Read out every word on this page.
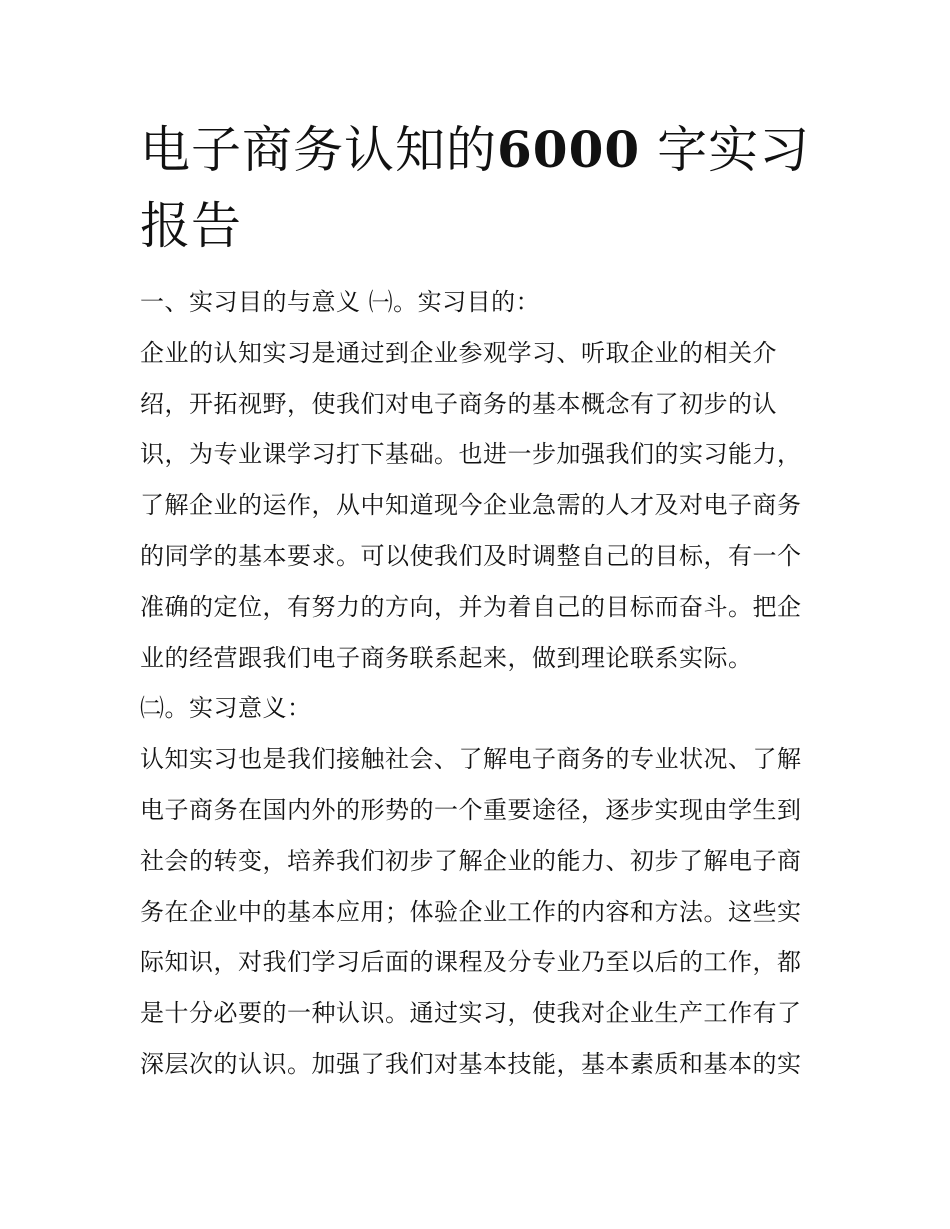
电子商务认知的6000 字实习
报告
一、实习目的与意义 ㈠。实习目的：
企业的认知实习是通过到企业参观学习、听取企业的相关介
绍，开拓视野，使我们对电子商务的基本概念有了初步的认
识，为专业课学习打下基础。也进一步加强我们的实习能力，
了解企业的运作，从中知道现今企业急需的人才及对电子商务
的同学的基本要求。可以使我们及时调整自己的目标，有一个
准确的定位，有努力的方向，并为着自己的目标而奋斗。把企
业的经营跟我们电子商务联系起来，做到理论联系实际。
㈡。实习意义：
认知实习也是我们接触社会、了解电子商务的专业状况、了解
电子商务在国内外的形势的一个重要途径，逐步实现由学生到
社会的转变，培养我们初步了解企业的能力、初步了解电子商
务在企业中的基本应用；体验企业工作的内容和方法。这些实
际知识，对我们学习后面的课程及分专业乃至以后的工作，都
是十分必要的一种认识。通过实习，使我对企业生产工作有了
深层次的认识。加强了我们对基本技能，基本素质和基本的实
